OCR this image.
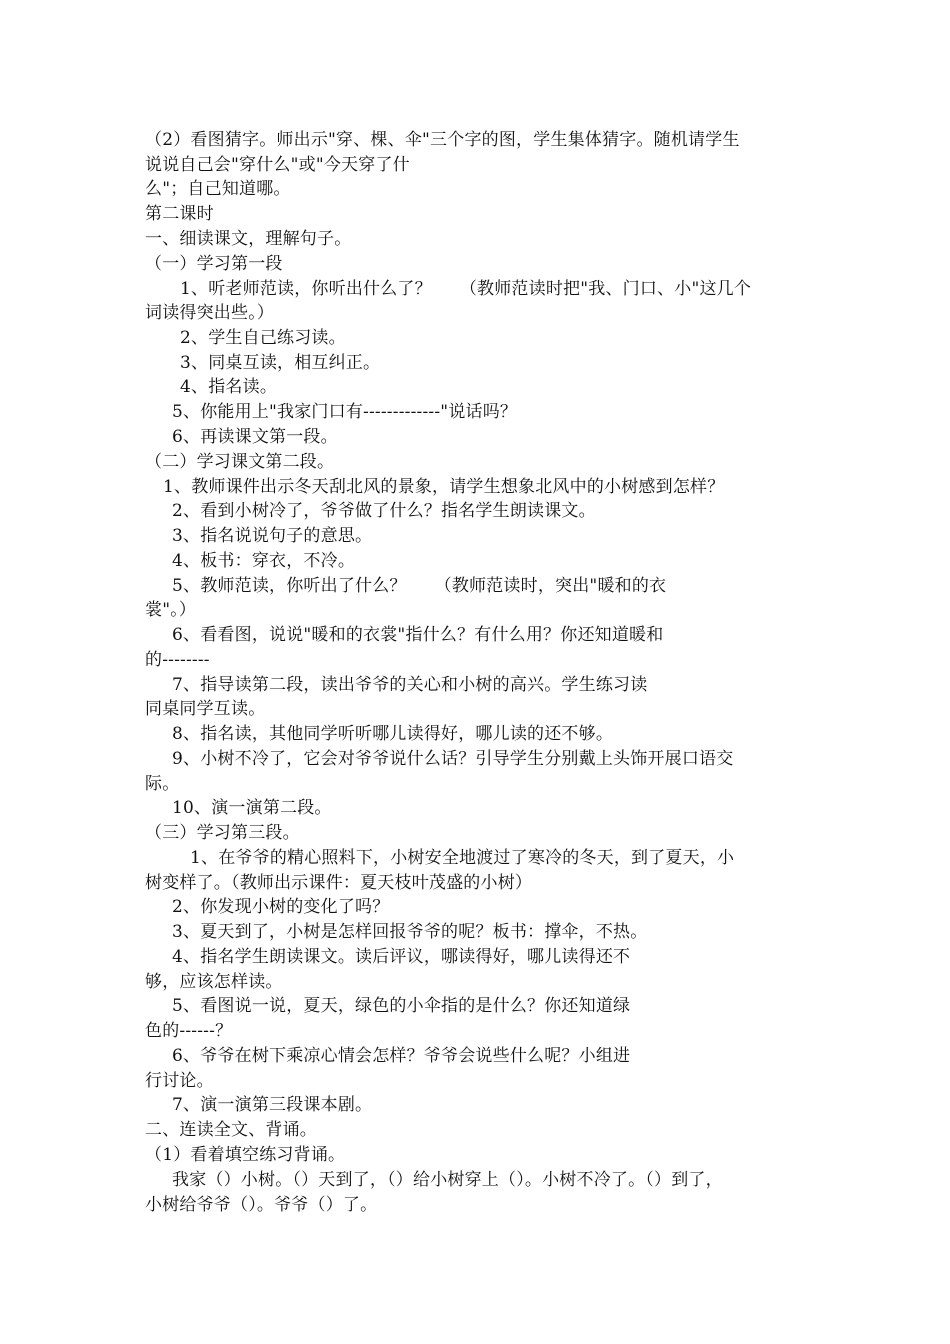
（2）看图猜字。师出示"穿、棵、伞"三个字的图，学生集体猜字。随机请学生
说说自己会"穿什么"或"今天穿了什
么"；自己知道哪。
第二课时
一、细读课文，理解句子。
（一）学习第一段
1、听老师范读，你听出什么了？     （教师范读时把"我、门口、小"这几个
词读得突出些。）
2、学生自己练习读。
3、同桌互读，相互纠正。
4、指名读。
5、你能用上"我家门口有-------------"说话吗？
6、再读课文第一段。
（二）学习课文第二段。
1、教师课件出示冬天刮北风的景象，请学生想象北风中的小树感到怎样？
2、看到小树冷了，爷爷做了什么？指名学生朗读课文。
3、指名说说句子的意思。
4、板书：穿衣，不冷。
5、教师范读，你听出了什么？     （教师范读时，突出"暖和的衣
裳"。）
6、看看图，说说"暖和的衣裳"指什么？有什么用？你还知道暖和
的--------
7、指导读第二段，读出爷爷的关心和小树的高兴。学生练习读
同桌同学互读。
8、指名读，其他同学听听哪儿读得好，哪儿读的还不够。
9、小树不冷了，它会对爷爷说什么话？引导学生分别戴上头饰开展口语交
际。
10、演一演第二段。
（三）学习第三段。
1、在爷爷的精心照料下，小树安全地渡过了寒冷的冬天，到了夏天，小
树变样了。（教师出示课件：夏天枝叶茂盛的小树）
2、你发现小树的变化了吗？
3、夏天到了，小树是怎样回报爷爷的呢？板书：撑伞，不热。
4、指名学生朗读课文。读后评议，哪读得好，哪儿读得还不
够，应该怎样读。
5、看图说一说，夏天，绿色的小伞指的是什么？你还知道绿
色的------？
6、爷爷在树下乘凉心情会怎样？爷爷会说些什么呢？小组进
行讨论。
7、演一演第三段课本剧。
二、连读全文、背诵。
（1）看着填空练习背诵。
我家（）小树。（）天到了，（）给小树穿上（）。小树不冷了。（）到了，
小树给爷爷（）。爷爷（）了。
